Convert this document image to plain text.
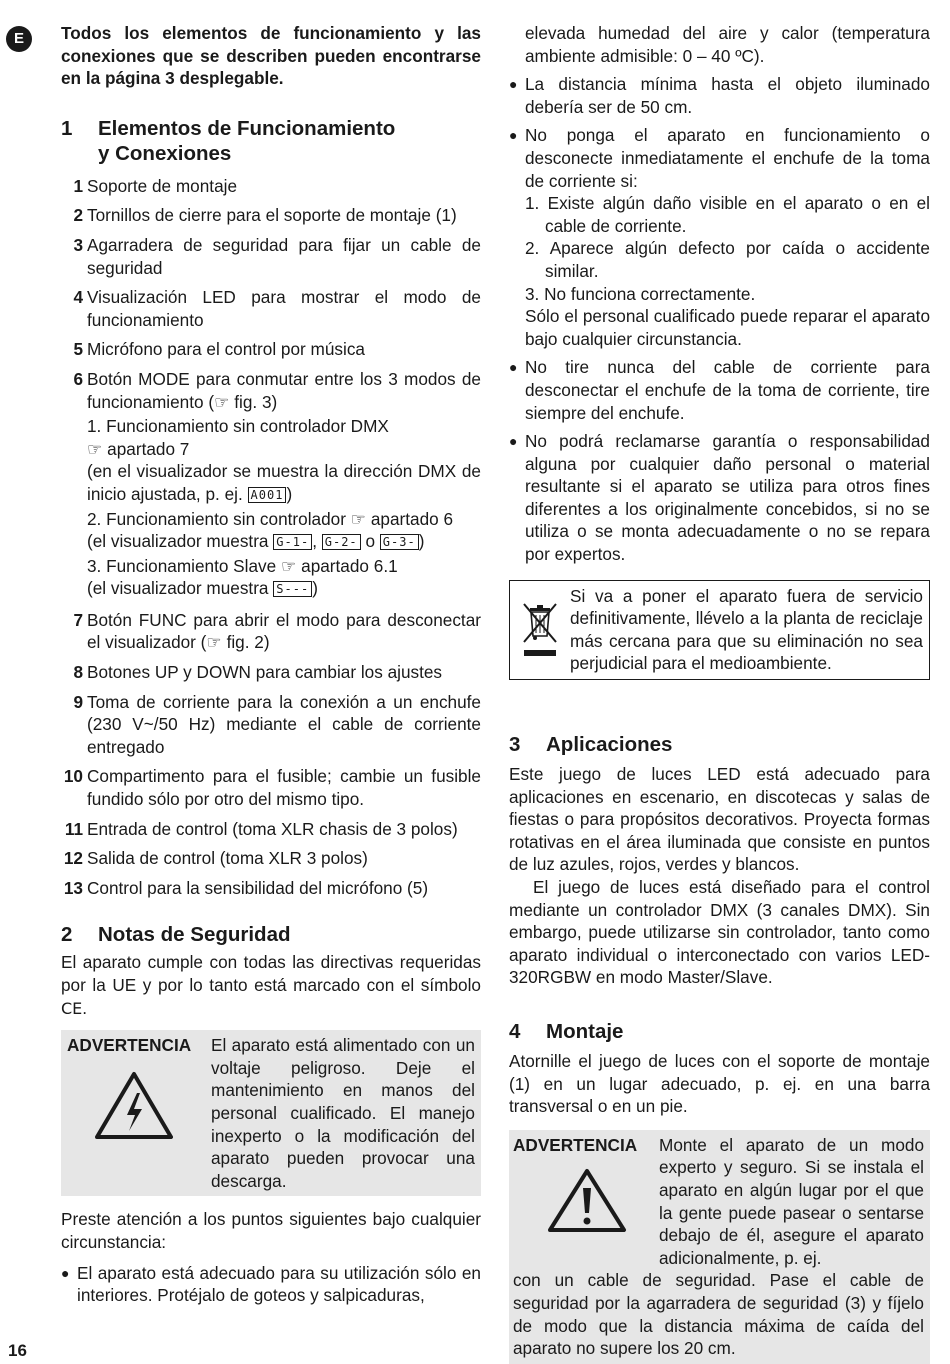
E
16

Todos los elementos de funcionamiento y las conexiones que se describen pueden encontrarse en la página 3 desplegable.

1	Elementos de Funcionamiento
y Conexiones
1 Soporte de montaje
2 Tornillos de cierre para el soporte de montaje (1)
3 Agarradera de seguridad para fijar un cable de seguridad
4 Visualización LED para mostrar el modo de funcionamiento
5 Micrófono para el control por música
6 Botón MODE para conmutar entre los 3 modos de funcionamiento (☞ fig. 3)
1. Funcionamiento sin controlador DMX
☞ apartado 7
(en el visualizador se muestra la dirección DMX de inicio ajustada, p. ej. A001 )
2. Funcionamiento sin controlador ☞ apartado 6
(el visualizador muestra G-1- , G-2- o G-3- )
3. Funcionamiento Slave ☞ apartado 6.1
(el visualizador muestra S--- )
7 Botón FUNC para abrir el modo para desconectar el visualizador (☞ fig. 2)
8 Botones UP y DOWN para cambiar los ajustes
9 Toma de corriente para la conexión a un enchufe (230 V~/50 Hz) mediante el cable de corriente entregado
10 Compartimento para el fusible; cambie un fusible fundido sólo por otro del mismo tipo.
11 Entrada de control (toma XLR chasis de 3 polos)
12 Salida de control (toma XLR 3 polos)
13 Control para la sensibilidad del micrófono (5)
2	Notas de Seguridad

El aparato cumple con todas las directivas requeridas por la UE y por lo tanto está marcado con el símbolo CE.

ADVERTENCIA	El aparato está alimentado con un voltaje peligroso. Deje el mantenimiento en manos del personal cualificado. El manejo inexperto o la modificación del aparato pueden provocar una descarga.

Preste atención a los puntos siguientes bajo cualquier circunstancia:

● El aparato está adecuado para su utilización sólo en interiores. Protéjalo de goteos y salpicaduras,

elevada humedad del aire y calor (temperatura ambiente admisible: 0 – 40 ºC).

● La distancia mínima hasta el objeto iluminado debería ser de 50 cm.
● No ponga el aparato en funcionamiento o desconecte inmediatamente el enchufe de la toma de corriente si:
1. Existe algún daño visible en el aparato o en el cable de corriente.
2. Aparece algún defecto por caída o accidente similar.
3. No funciona correctamente.
Sólo el personal cualificado puede reparar el aparato bajo cualquier circunstancia.
● No tire nunca del cable de corriente para desconectar el enchufe de la toma de corriente, tire siempre del enchufe.
● No podrá reclamarse garantía o responsabilidad alguna por cualquier daño personal o material resultante si el aparato se utiliza para otros fines diferentes a los originalmente concebidos, si no se utiliza o se monta adecuadamente o no se repara por expertos.
Si va a poner el aparato fuera de servicio definitivamente, llévelo a la planta de reciclaje más cercana para que su eliminación no sea perjudicial para el medioambiente.
3	Aplicaciones

Este juego de luces LED está adecuado para aplicaciones en escenario, en discotecas y salas de fiestas o para propósitos decorativos. Proyecta formas rotativas en el área iluminada que consiste en puntos de luz azules, rojos, verdes y blancos.

El juego de luces está diseñado para el control mediante un controlador DMX (3 canales DMX). Sin embargo, puede utilizarse sin controlador, tanto como aparato individual o interconectado con varios LED-320RGBW en modo Master/Slave.

4	Montaje

Atornille el juego de luces con el soporte de montaje (1) en un lugar adecuado, p. ej. en una barra transversal o en un pie.

ADVERTENCIA	Monte el aparato de un modo experto y seguro. Si se instala el aparato en algún lugar por el que la gente puede pasear o sentarse debajo de él, asegure el aparato adicionalmente, p. ej.

con un cable de seguridad. Pase el cable de seguridad por la agarradera de seguridad (3) y fíjelo de modo que la distancia máxima de caída del aparato no supere los 20 cm.
